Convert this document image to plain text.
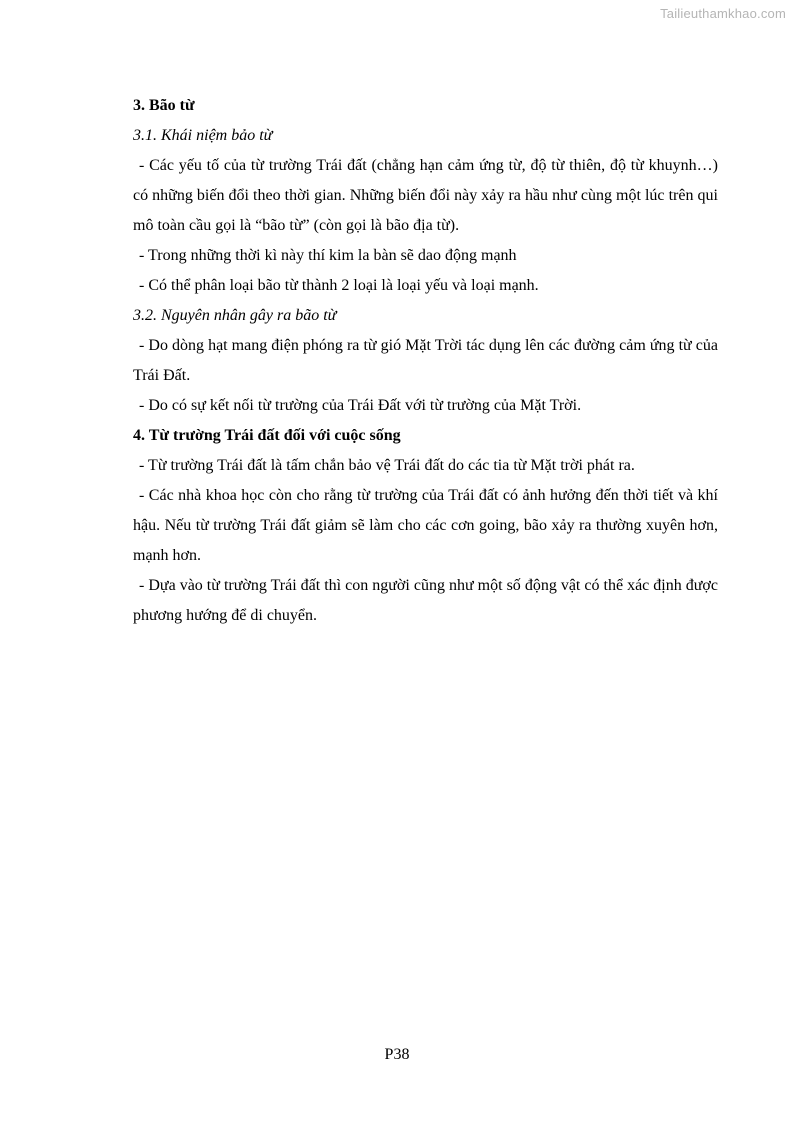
Tailieuthamkhao.com

3. Bão từ

3.1. Khái niệm bảo từ

- Các yếu tố của từ trường Trái đất (chẳng hạn cảm ứng từ, độ từ thiên, độ từ khuynh…) có những biến đổi theo thời gian. Những biến đổi này xảy ra hầu như cùng một lúc trên qui mô toàn cầu gọi là “bão từ” (còn gọi là bão địa từ).

- Trong những thời kì này thí kim la bàn sẽ dao động mạnh

- Có thể phân loại bão từ thành 2 loại là loại yếu và loại mạnh.

3.2. Nguyên nhân gây ra bão từ

- Do dòng hạt mang điện phóng ra từ gió Mặt Trời tác dụng lên các đường cảm ứng từ của Trái Đất.

- Do có sự kết nối từ trường của Trái Đất với từ trường của Mặt Trời.

4. Từ trường Trái đất đối với cuộc sống

- Từ trường Trái đất là tấm chắn bảo vệ Trái đất do các tia từ Mặt trời phát ra.

- Các nhà khoa học còn cho rằng từ trường của Trái đất có ảnh hưởng đến thời tiết và khí hậu. Nếu từ trường Trái đất giảm sẽ làm cho các cơn going, bão xảy ra thường xuyên hơn, mạnh hơn.

- Dựa vào từ trường Trái đất thì con người cũng như một số động vật có thể xác định được phương hướng để di chuyển.

P38
